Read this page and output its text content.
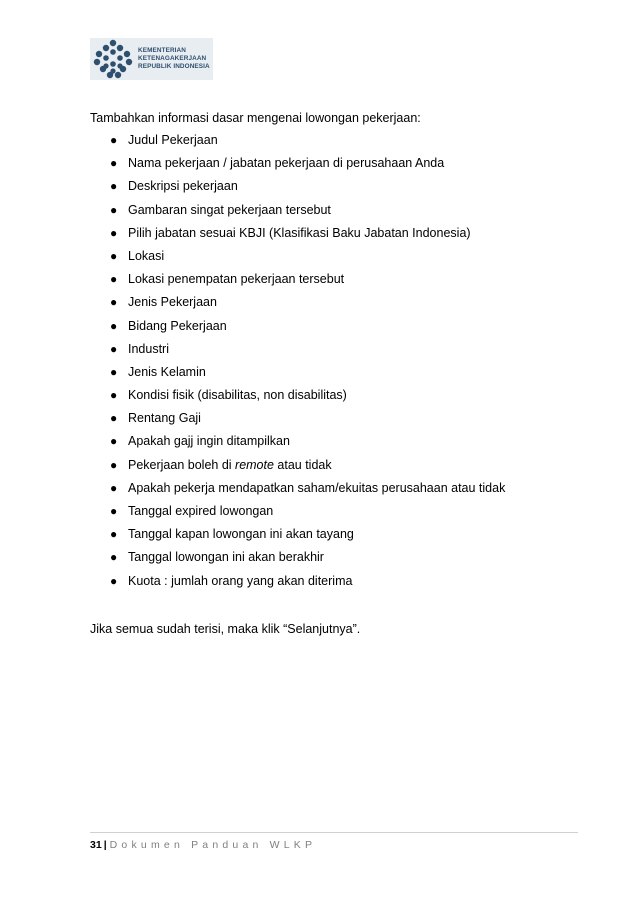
KEMENTERIAN
KETENAGAKERJAAN
REPUBLIK INDONESIA

Tambahkan informasi dasar mengenai lowongan pekerjaan:

● Judul Pekerjaan
● Nama pekerjaan / jabatan pekerjaan di perusahaan Anda
● Deskripsi pekerjaan
● Gambaran singat pekerjaan tersebut
● Pilih jabatan sesuai KBJI (Klasifikasi Baku Jabatan Indonesia)
● Lokasi
● Lokasi penempatan pekerjaan tersebut
● Jenis Pekerjaan
● Bidang Pekerjaan
● Industri
● Jenis Kelamin
● Kondisi fisik (disabilitas, non disabilitas)
● Rentang Gaji
● Apakah gajj ingin ditampilkan
● Pekerjaan boleh di remote atau tidak
● Apakah pekerja mendapatkan saham/ekuitas perusahaan atau tidak
● Tanggal expired lowongan
● Tanggal kapan lowongan ini akan tayang
● Tanggal lowongan ini akan berakhir
● Kuota : jumlah orang yang akan diterima

Jika semua sudah terisi, maka klik “Selanjutnya”.

31 | Dokumen Panduan WLKP
